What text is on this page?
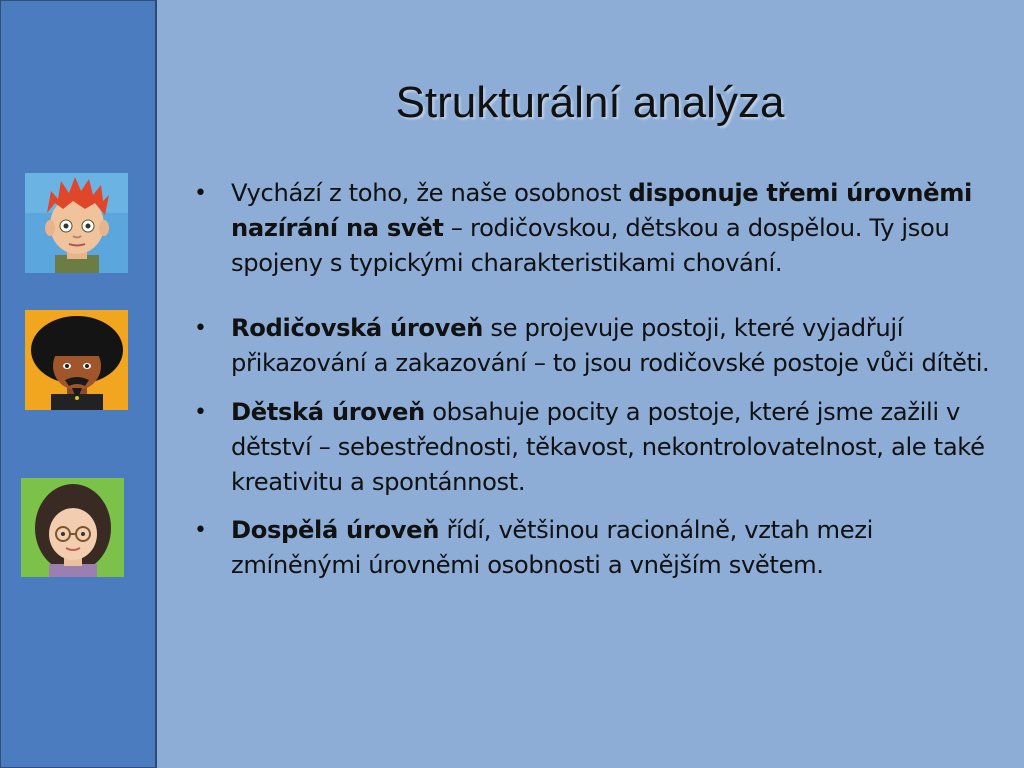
Strukturální analýza
• Vychází z toho, že naše osobnost disponuje třemi úrovněmi nazírání na svět – rodičovskou, dětskou a dospělou. Ty jsou spojeny s typickými charakteristikami chování.
• Rodičovská úroveň se projevuje postoji, které vyjadřují přikazování a zakazování – to jsou rodičovské postoje vůči dítěti.
• Dětská úroveň obsahuje pocity a postoje, které jsme zažili v dětství – sebestřednosti, těkavost, nekontrolovatelnost, ale také kreativitu a spontánnost.
• Dospělá úroveň řídí, většinou racionálně, vztah mezi zmíněnými úrovněmi osobnosti a vnějším světem.
